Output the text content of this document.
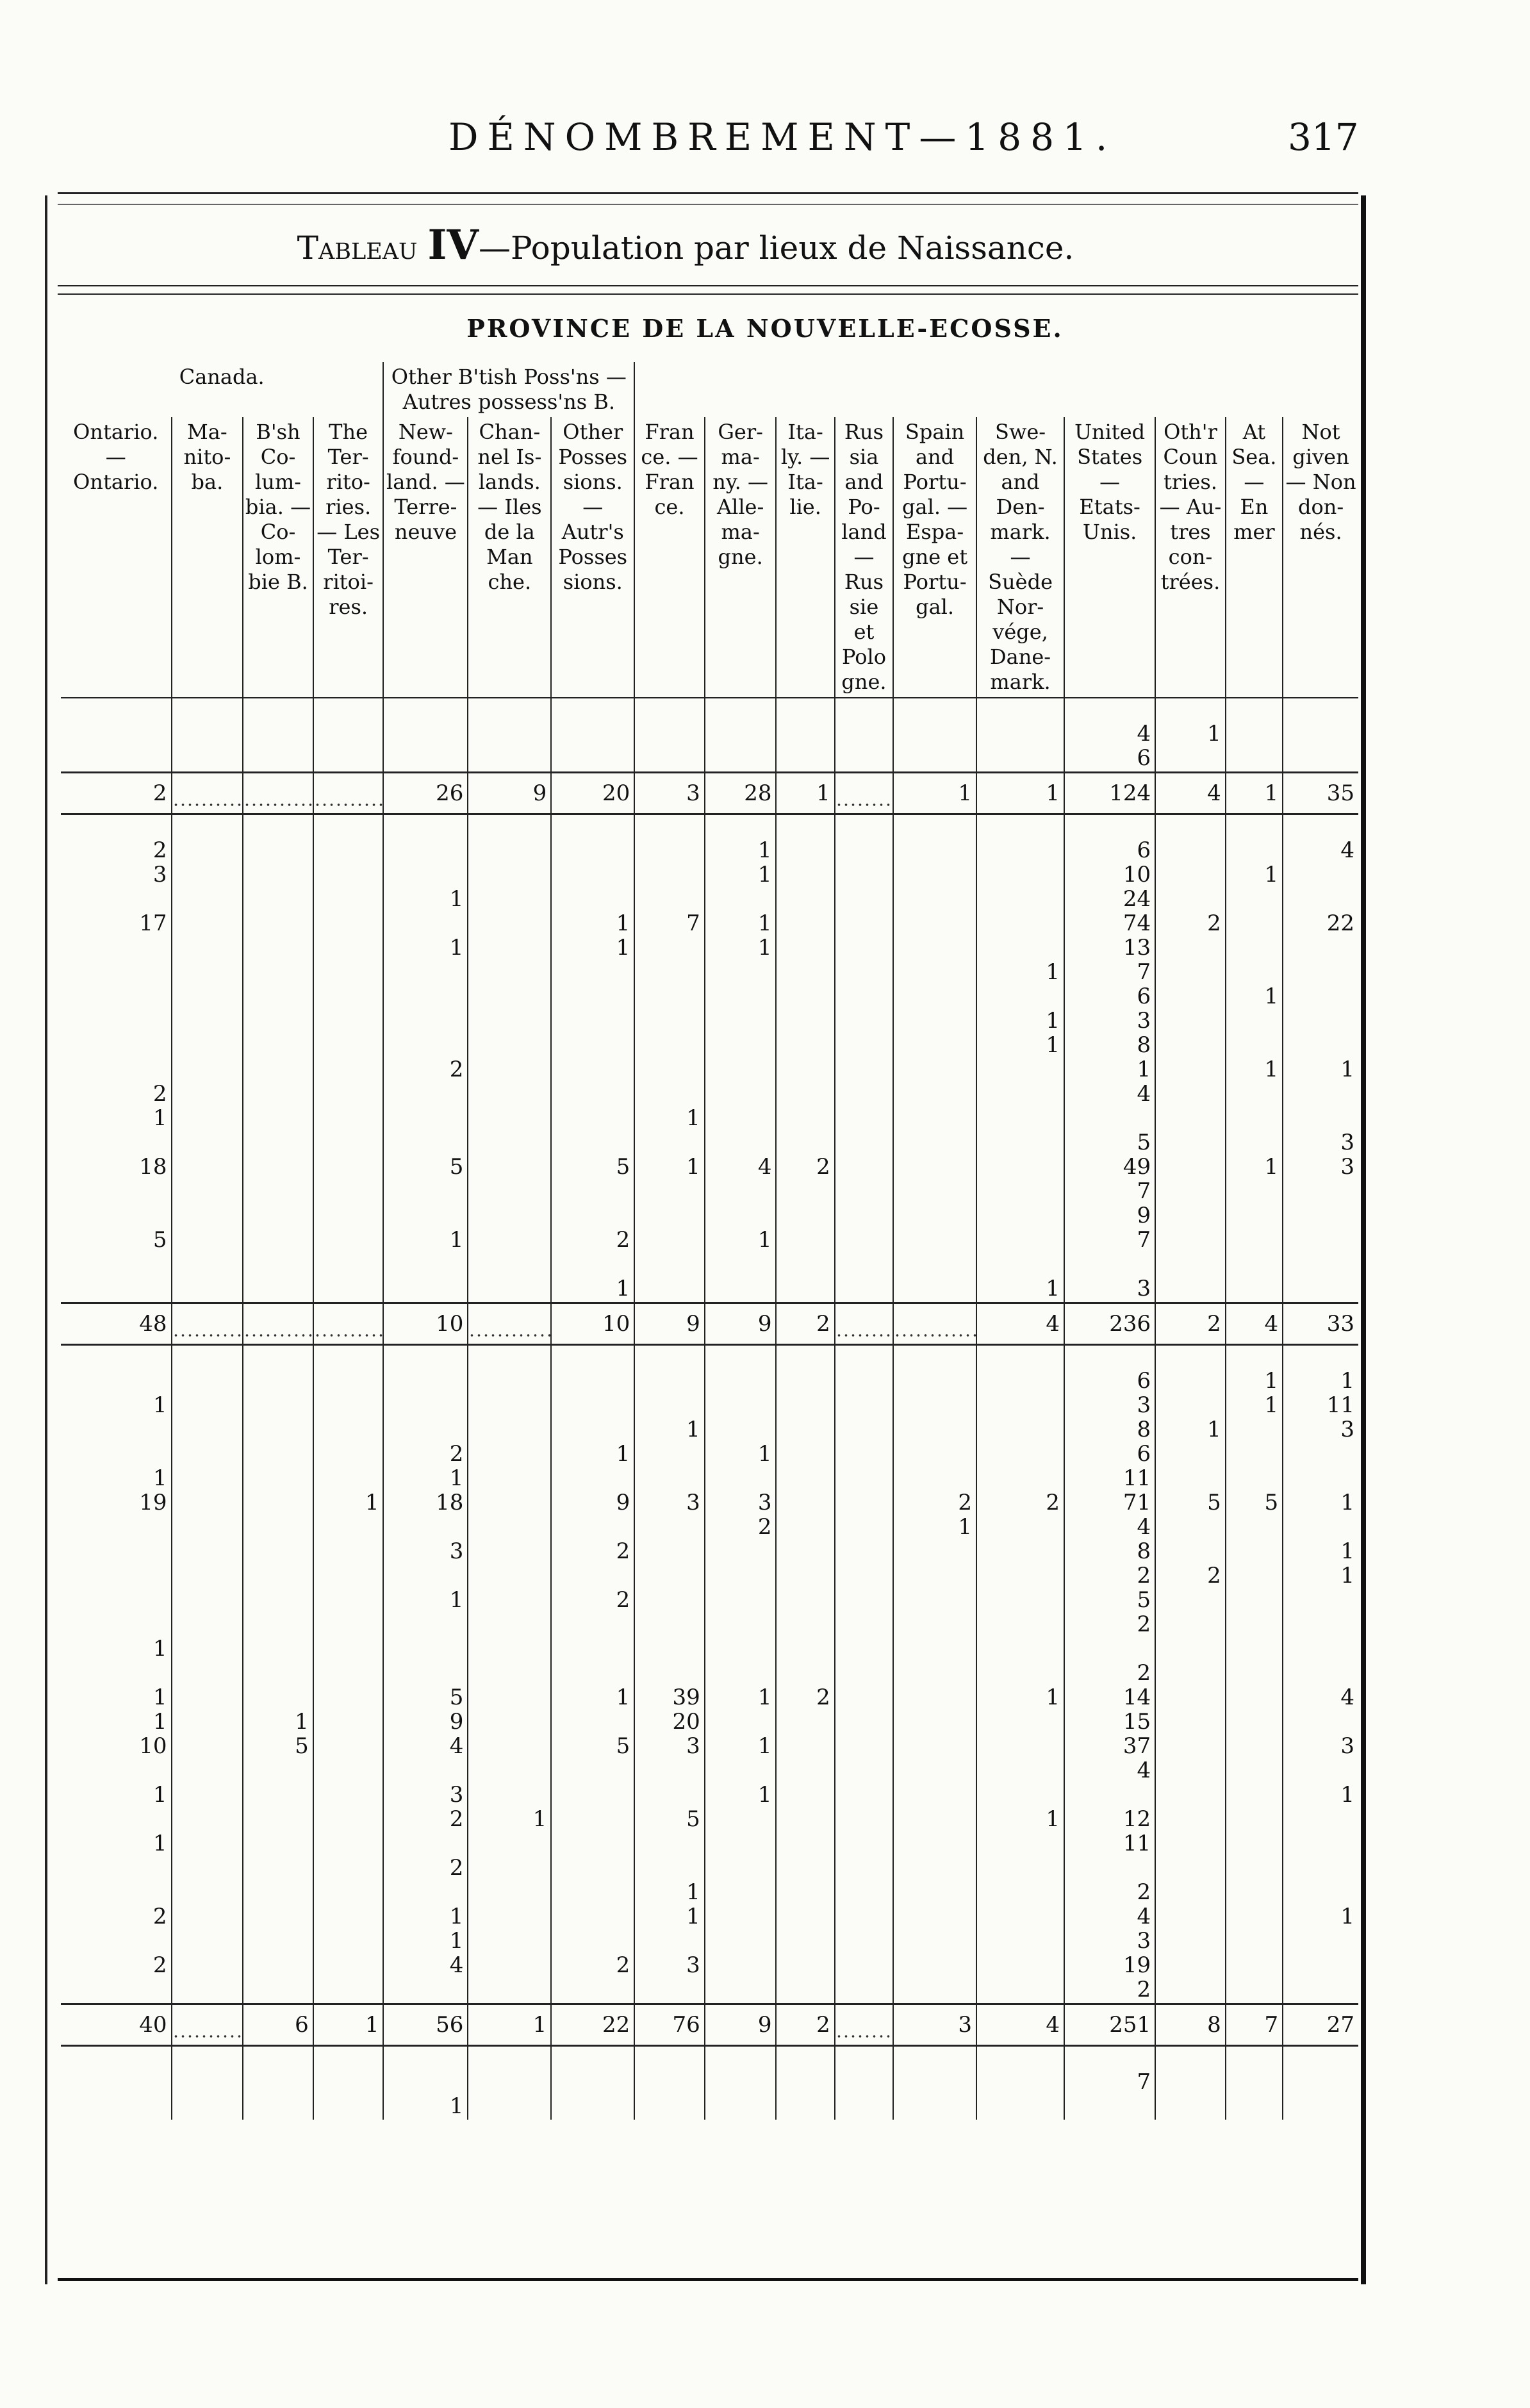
DÉNOMBREMENT—1881.	317
Tableau IV—Population par lieux de Naissance.
PROVINCE DE LA NOUVELLE-ECOSSE.
Canada.				Other B'tish Poss'ns — Autres possess'ns B.												
Ontario. — Ontario.	Ma- nito- ba.	B'sh Co- lum- bia. — Co- lom- bie B.	The Ter- rito- ries. — Les Ter- ritoi- res.	New- found- land. — Terre- neuve	Chan- nel Is- lands. — Iles de la Man che.	Other Posses sions. — Autr's Posses sions.	Fran ce. — Fran ce.	Ger- ma- ny. — Alle- ma- gne.	Ita- ly. — Ita- lie.	Rus sia and Po- land — Rus sie et Polo gne.	Spain and Portu- gal. — Espa- gne et Portu- gal.	Swe- den, N. and Den- mark. — Suède Nor- vége, Dane- mark.	United States — Etats- Unis.	Oth'r Coun tries. — Au- tres con- trées.	At Sea. — En mer	Not given — Non don- nés.

													4	1		
													6			
2				26	9	20	3	28	1		1	1	124	4	1	35

2								1					6			4
3								1					10		1	
				1									24			
17						1	7	1					74	2		22
				1		1		1					13			
												1	7			
													6		1	
												1	3			
												1	8			
				2									1		1	1
2													4			
1							1									
													5			3
18				5		5	1	4	2				49		1	3
													7			
													9			
5				1		2		1					7			

						1						1	3			
48				10		10	9	9	2			4	236	2	4	33

													6		1	1
1													3		1	11
							1						8	1		3
				2		1		1					6			
1				1									11			
19			1	18		9	3	3			2	2	71	5	5	1
								2			1		4			
				3		2							8			1
													2	2		1
				1		2							5			
													2			
1																
													2			
1				5		1	39	1	2			1	14			4
1		1		9			20						15			
10		5		4		5	3	1					37			3
													4			
1				3				1								1
				2	1		5					1	12			
1													11			
				2												
							1						2			
2				1			1						4			1
				1									3			
2				4		2	3						19			
													2			
40		6	1	56	1	22	76	9	2		3	4	251	8	7	27

													7			
				1												
